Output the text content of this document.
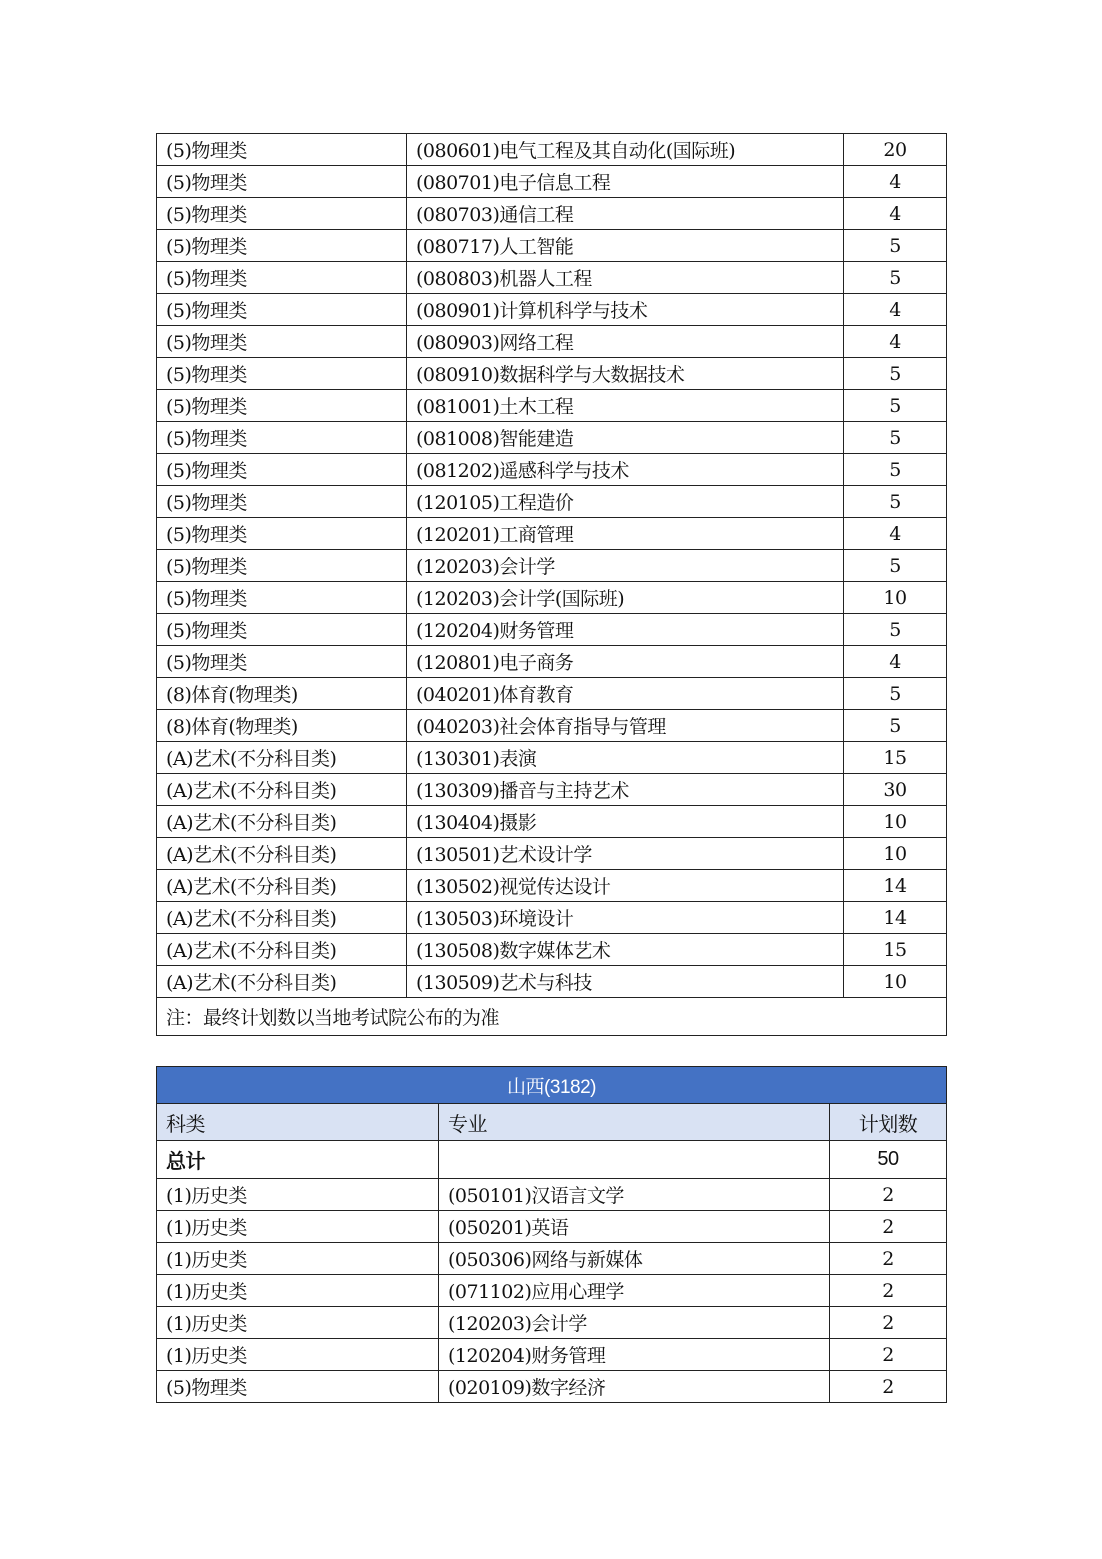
(5)物理类	(080601)电气工程及其自动化(国际班)	20
(5)物理类	(080701)电子信息工程	4
(5)物理类	(080703)通信工程	4
(5)物理类	(080717)人工智能	5
(5)物理类	(080803)机器人工程	5
(5)物理类	(080901)计算机科学与技术	4
(5)物理类	(080903)网络工程	4
(5)物理类	(080910)数据科学与大数据技术	5
(5)物理类	(081001)土木工程	5
(5)物理类	(081008)智能建造	5
(5)物理类	(081202)遥感科学与技术	5
(5)物理类	(120105)工程造价	5
(5)物理类	(120201)工商管理	4
(5)物理类	(120203)会计学	5
(5)物理类	(120203)会计学(国际班)	10
(5)物理类	(120204)财务管理	5
(5)物理类	(120801)电子商务	4
(8)体育(物理类)	(040201)体育教育	5
(8)体育(物理类)	(040203)社会体育指导与管理	5
(A)艺术(不分科目类)	(130301)表演	15
(A)艺术(不分科目类)	(130309)播音与主持艺术	30
(A)艺术(不分科目类)	(130404)摄影	10
(A)艺术(不分科目类)	(130501)艺术设计学	10
(A)艺术(不分科目类)	(130502)视觉传达设计	14
(A)艺术(不分科目类)	(130503)环境设计	14
(A)艺术(不分科目类)	(130508)数字媒体艺术	15
(A)艺术(不分科目类)	(130509)艺术与科技	10
注：最终计划数以当地考试院公布的为准		
山西(3182)		
科类	专业	计划数
总计		50
(1)历史类	(050101)汉语言文学	2
(1)历史类	(050201)英语	2
(1)历史类	(050306)网络与新媒体	2
(1)历史类	(071102)应用心理学	2
(1)历史类	(120203)会计学	2
(1)历史类	(120204)财务管理	2
(5)物理类	(020109)数字经济	2
